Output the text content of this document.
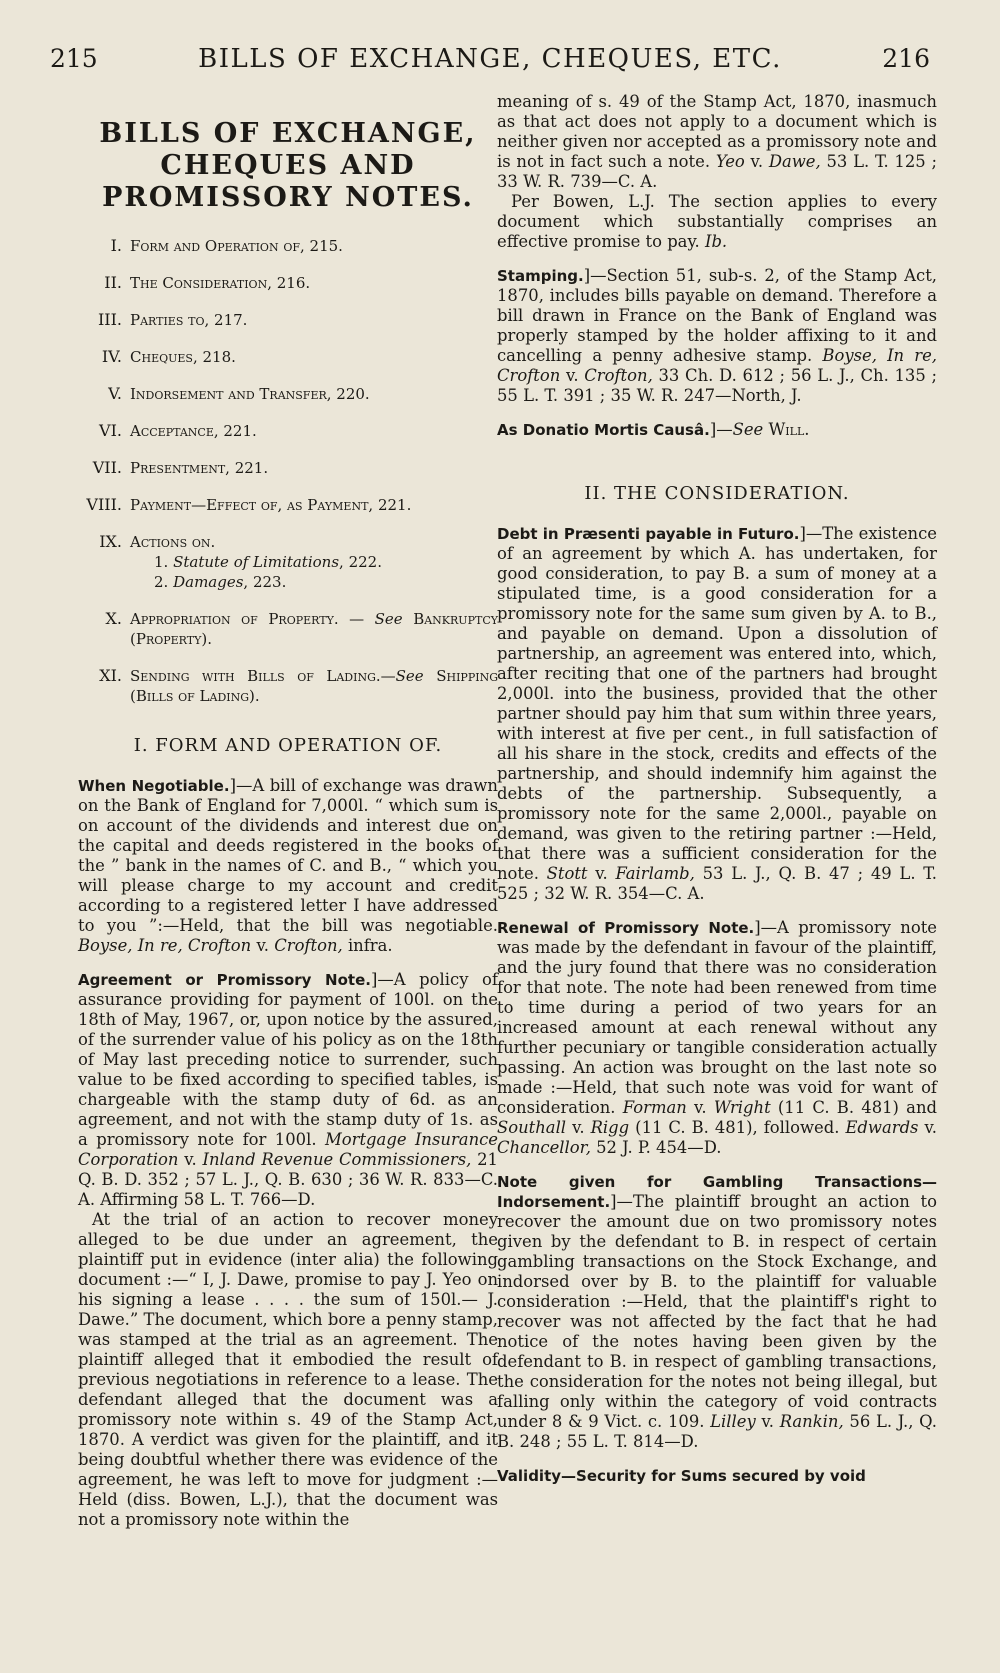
215	BILLS OF EXCHANGE, CHEQUES, ETC.	216
BILLS OF EXCHANGE,
CHEQUES AND
PROMISSORY NOTES.
I. Form and Operation of, 215.
II. The Consideration, 216.
III. Parties to, 217.
IV. Cheques, 218.
V. Indorsement and Transfer, 220.
VI. Acceptance, 221.
VII. Presentment, 221.
VIII. Payment—Effect of, as Payment, 221.
IX. Actions on.
1. Statute of Limitations, 222.
2. Damages, 223.
X. Appropriation of Property. — See Bankruptcy (Property).
XI. Sending with Bills of Lading.—See Shipping (Bills of Lading).
I. FORM AND OPERATION OF.

When Negotiable.]—A bill of exchange was drawn on the Bank of England for 7,000l. “ which sum is on account of the dividends and interest due on the capital and deeds registered in the books of the ” bank in the names of C. and B., “ which you will please charge to my account and credit according to a registered letter I have addressed to you ”:—Held, that the bill was negotiable. Boyse, In re, Crofton v. Crofton, infra.

Agreement or Promissory Note.]—A policy of assurance providing for payment of 100l. on the 18th of May, 1967, or, upon notice by the assured, of the surrender value of his policy as on the 18th of May last preceding notice to surrender, such value to be fixed according to specified tables, is chargeable with the stamp duty of 6d. as an agreement, and not with the stamp duty of 1s. as a promissory note for 100l. Mortgage Insurance Corporation v. Inland Revenue Commissioners, 21 Q. B. D. 352 ; 57 L. J., Q. B. 630 ; 36 W. R. 833—C. A. Affirming 58 L. T. 766—D.

At the trial of an action to recover money alleged to be due under an agreement, the plaintiff put in evidence (inter alia) the following document :—“ I, J. Dawe, promise to pay J. Yeo on his signing a lease . . . . the sum of 150l.— J. Dawe.” The document, which bore a penny stamp, was stamped at the trial as an agreement. The plaintiff alleged that it embodied the result of previous negotiations in reference to a lease. The defendant alleged that the document was a promissory note within s. 49 of the Stamp Act, 1870. A verdict was given for the plaintiff, and it being doubtful whether there was evidence of the agreement, he was left to move for judgment :—Held (diss. Bowen, L.J.), that the document was not a promissory note within the

meaning of s. 49 of the Stamp Act, 1870, inasmuch as that act does not apply to a document which is neither given nor accepted as a promissory note and is not in fact such a note. Yeo v. Dawe, 53 L. T. 125 ; 33 W. R. 739—C. A.

Per Bowen, L.J. The section applies to every document which substantially comprises an effective promise to pay. Ib.

Stamping.]—Section 51, sub-s. 2, of the Stamp Act, 1870, includes bills payable on demand. Therefore a bill drawn in France on the Bank of England was properly stamped by the holder affixing to it and cancelling a penny adhesive stamp. Boyse, In re, Crofton v. Crofton, 33 Ch. D. 612 ; 56 L. J., Ch. 135 ; 55 L. T. 391 ; 35 W. R. 247—North, J.

As Donatio Mortis Causâ.]—See Will.

II. THE CONSIDERATION.

Debt in Præsenti payable in Futuro.]—The existence of an agreement by which A. has undertaken, for good consideration, to pay B. a sum of money at a stipulated time, is a good consideration for a promissory note for the same sum given by A. to B., and payable on demand. Upon a dissolution of partnership, an agreement was entered into, which, after reciting that one of the partners had brought 2,000l. into the business, provided that the other partner should pay him that sum within three years, with interest at five per cent., in full satisfaction of all his share in the stock, credits and effects of the partnership, and should indemnify him against the debts of the partnership. Subsequently, a promissory note for the same 2,000l., payable on demand, was given to the retiring partner :—Held, that there was a sufficient consideration for the note. Stott v. Fairlamb, 53 L. J., Q. B. 47 ; 49 L. T. 525 ; 32 W. R. 354—C. A.

Renewal of Promissory Note.]—A promissory note was made by the defendant in favour of the plaintiff, and the jury found that there was no consideration for that note. The note had been renewed from time to time during a period of two years for an increased amount at each renewal without any further pecuniary or tangible consideration actually passing. An action was brought on the last note so made :—Held, that such note was void for want of consideration. Forman v. Wright (11 C. B. 481) and Southall v. Rigg (11 C. B. 481), followed. Edwards v. Chancellor, 52 J. P. 454—D.

Note given for Gambling Transactions—Indorsement.]—The plaintiff brought an action to recover the amount due on two promissory notes given by the defendant to B. in respect of certain gambling transactions on the Stock Exchange, and indorsed over by B. to the plaintiff for valuable consideration :—Held, that the plaintiff's right to recover was not affected by the fact that he had notice of the notes having been given by the defendant to B. in respect of gambling transactions, the consideration for the notes not being illegal, but falling only within the category of void contracts under 8 & 9 Vict. c. 109. Lilley v. Rankin, 56 L. J., Q. B. 248 ; 55 L. T. 814—D.

Validity—Security for Sums secured by void
